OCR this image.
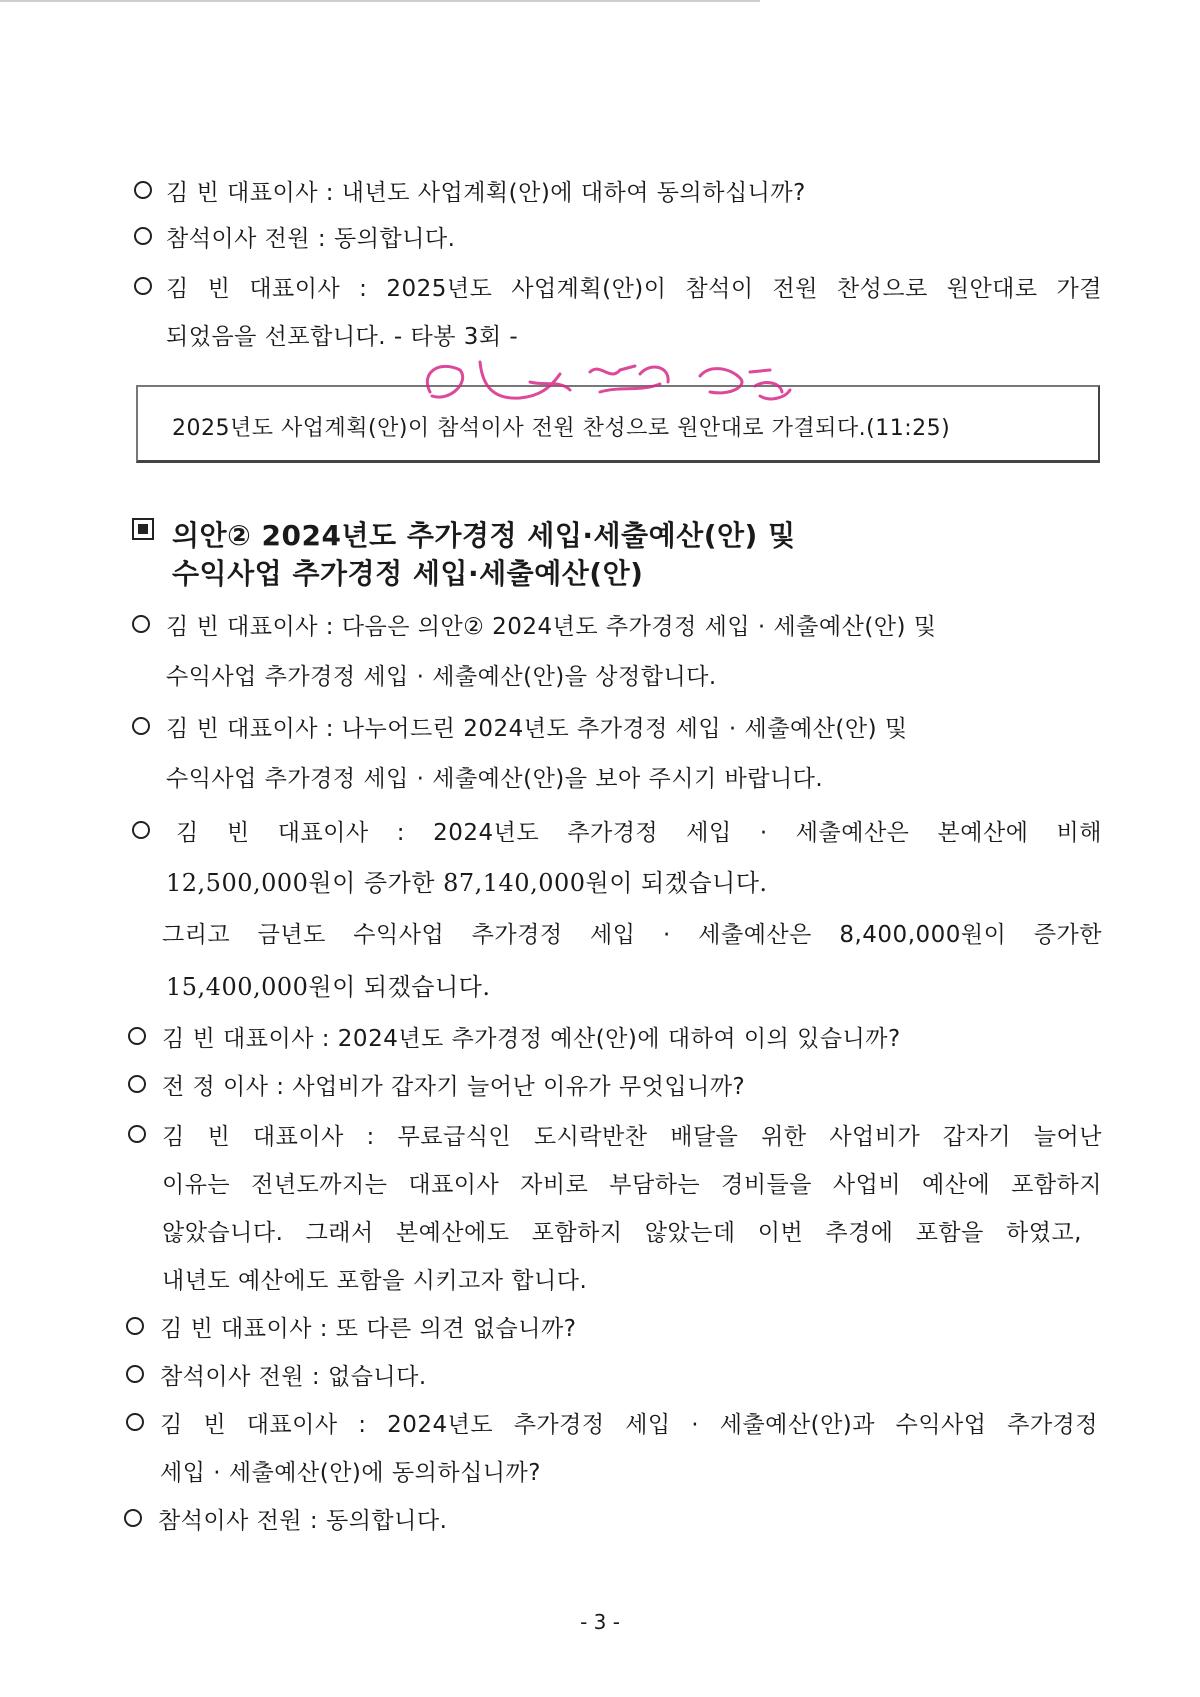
김 빈 대표이사 : 내년도 사업계획(안)에 대하여 동의하십니까?
참석이사 전원 : 동의합니다.
김 빈 대표이사 : 2025년도 사업계획(안)이 참석이 전원 찬성으로 원안대로 가결
되었음을 선포합니다. - 타봉 3회 -
2025년도 사업계획(안)이 참석이사 전원 찬성으로 원안대로 가결되다.(11:25)
의안② 2024년도 추가경정 세입·세출예산(안) 및
수익사업 추가경정 세입·세출예산(안)
김 빈 대표이사 : 다음은 의안② 2024년도 추가경정 세입 · 세출예산(안) 및
수익사업 추가경정 세입 · 세출예산(안)을 상정합니다.
김 빈 대표이사 : 나누어드린 2024년도 추가경정 세입 · 세출예산(안) 및
수익사업 추가경정 세입 · 세출예산(안)을 보아 주시기 바랍니다.
김 빈 대표이사 : 2024년도 추가경정 세입 · 세출예산은 본예산에 비해
12,500,000원이 증가한 87,140,000원이 되겠습니다.
그리고 금년도 수익사업 추가경정 세입 · 세출예산은 8,400,000원이 증가한
15,400,000원이 되겠습니다.
김 빈 대표이사 : 2024년도 추가경정 예산(안)에 대하여 이의 있습니까?
전 정 이사 : 사업비가 갑자기 늘어난 이유가 무엇입니까?
김 빈 대표이사 : 무료급식인 도시락반찬 배달을 위한 사업비가 갑자기 늘어난
이유는 전년도까지는 대표이사 자비로 부담하는 경비들을 사업비 예산에 포함하지
않았습니다. 그래서 본예산에도 포함하지 않았는데 이번 추경에 포함을 하였고,
내년도 예산에도 포함을 시키고자 합니다.
김 빈 대표이사 : 또 다른 의견 없습니까?
참석이사 전원 : 없습니다.
김 빈 대표이사 : 2024년도 추가경정 세입 · 세출예산(안)과 수익사업 추가경정
세입 · 세출예산(안)에 동의하십니까?
참석이사 전원 : 동의합니다.
- 3 -
